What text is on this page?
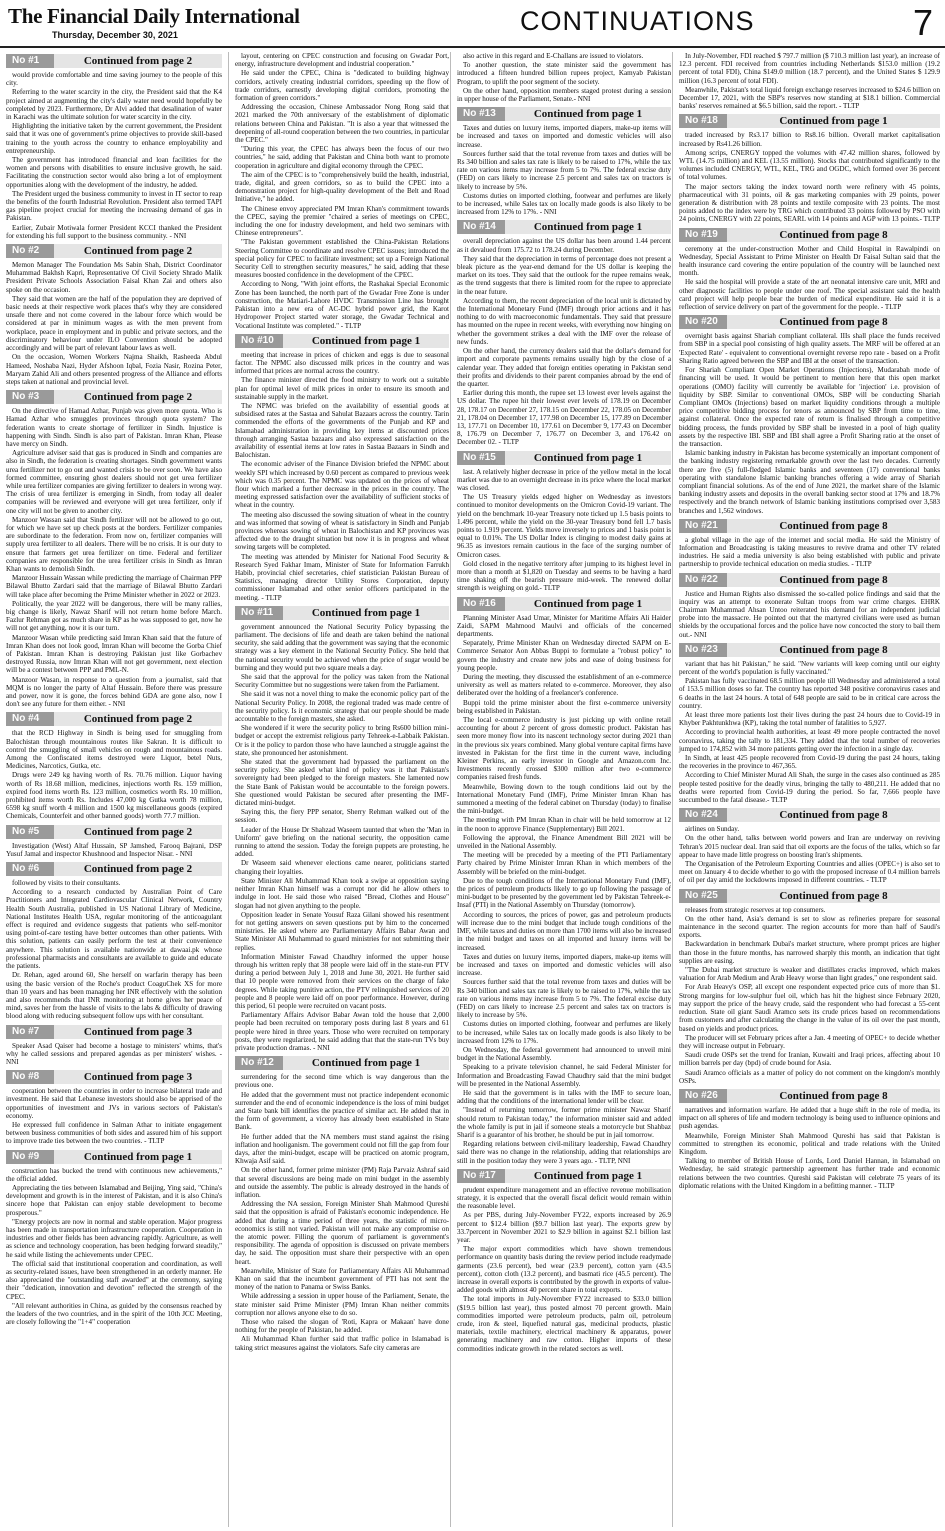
The Financial Daily International
Thursday, December 30, 2021	CONTINUATIONS	7
No #1	Continued from page 2

would provide comfortable and time saving journey to the people of this city.

Referring to the water scarcity in the city, the President said that the K4 project aimed at augmenting the city's daily water need would hopefully be completed by 2023. Furthermore, Dr Alvi added that desalination of water in Karachi was the ultimate solution for water scarcity in the city.

Highlighting the initiative taken by the current government, the President said that it was one of government's prime objectives to provide skill-based training to the youth across the country to enhance employability and entrepreneurship.

The government has introduced financial and loan facilities for the women and persons with disabilities to ensure inclusive growth, he said. Facilitating the construction sector would also bring a lot of employment opportunities along with the development of the industry, he added.

The President urged the business community to invest in IT sector to reap the benefits of the fourth Industrial Revolution. President also termed TAPI gas pipeline project crucial for meeting the increasing demand of gas in Pakistan.

Earlier, Zubair Motiwala former President KCCI thanked the President for extending his full support to the business community. - NNI

No #2	Continued from page 2

Memon Manager The Foundation Ms Sabin Shah, District Coordinator Muhammad Bakhsh Kapri, Representative Of Civil Society Shrado Malik President Private Schools Association Faisal Khan Zai and others also spoke on the occasion.

They said that women are the half of the population they are deprived of basic needs at their respective work places that's why they are considered unsafe there and not come covered in the labour force which would be considered at par in minimum wages as with the men prevent from workplace, peace in employment and in public and private sectors, and the discriminatory behaviour under ILO Convention should be adopted accordingly and will be part of relevant labour laws as well.

On the occasion, Women Workers Najma Shaikh, Rasheeda Abdul Hameed, Noshaba Nazi, Hyder Afshoon Iqbal, Fozia Nasir, Rozina Peter, Maryam Zahid Ali and others presented progress of the Alliance and efforts steps taken at national and provincial level.

No #3	Continued from page 2

On the directive of Hamad Azhar, Punjab was given more quota. Who is Hamad Azhar who smuggles provinces through quota system? The federation wants to create shortage of fertilizer in Sindh. Injustice is happening with Sindh. Sindh is also part of Pakistan. Imran Khan, Please have mercy on Sindh.

Agriculture adviser said that gas is produced in Sindh and companies are also in Sindh, the federation is creating shortages. Sindh government wants urea fertilizer not to go out and wanted crisis to be over soon. We have also formed committee, ensuring ghost dealers should not get urea fertilizer while urea fertilizer companies are giving fertilizer to dealers in wrong way. The crisis of urea fertilizer is emerging in Sindh, from today all dealer companies will be reviewed and everyone will get urea fertilizer, only if one city will not be given to another city.

Manzoor Wassan said that Sindh fertilizer will not be allowed to go out, for which we have set up check posts at the borders. Fertilizer companies are subordinate to the federation. From now on, fertilizer companies will supply urea fertilizer to all dealers. There will be no crisis. It is our duty to ensure that farmers get urea fertilizer on time. Federal and fertilizer companies are responsible for the urea fertilizer crisis in Sindh as Imran Khan wants to demolish Sindh.

Manzoor Hussain Wassan while predicting the marriage of Chairman PPP Bilawal Bhutto Zardari said that the marriage of Bilawal Bhutto Zardari will take place after becoming the Prime Minister whether in 2022 or 2023.

Politically, the year 2022 will be dangerous, there will be many rallies, big change is likely, Nawaz Sharif will not return home before March. Fazlur Rehman got as much share in KP as he was supposed to get, now he will not get anything, now it is our turn.

Manzoor Wasan while predicting said Imran Khan said that the future of Imran Khan does not look good, Imran Khan will become the Gorba Chief of Pakistan. Imran Khan is destroying Pakistan just like Gorbachev destroyed Russia, now Imran Khan will not get government, next election will be a contest between PPP and PML-N.

Manzoor Wasan, in response to a question from a journalist, said that MQM is no longer the party of Altaf Hussain. Before there was pressure and power, now it is gone, the forces behind GDA are gone also, now I don't see any future for them either. - NNI

No #4	Continued from page 2

that the RCD Highway in Sindh is being used for smuggling from Balochistan through mountainous routes like Sakran. It is difficult to control the smuggling of small vehicles on rough and mountainous roads. Among the Confiscated items destroyed were Liquor, betel Nuts, Medicines, Narcotics, Gutka, etc.

Drugs were 249 kg having worth of Rs. 70.76 million. Liquor having worth of Rs 18.68 million, medicines, injections worth Rs. 159 million, expired food items worth Rs. 123 million, cosmetics worth Rs. 10 million, prohibited items worth Rs. Includes 47,000 kg Gutka worth 78 million, 6598 kg snuff worth 4 million and 1500 kg miscellaneous goods (expired Chemicals, Counterfeit and other banned goods) worth 77.7 million.

No #5	Continued from page 2

Investigation (West) Altaf Hussain, SP Jamshed, Farooq Bajrani, DSP Yusuf Jamal and inspector Khushnood and Inspector Nisar. - NNI

No #6	Continued from page 2

followed by visits to their consultants.

According to a research conducted by Australian Point of Care Practitioners and Integrated Cardiovascular Clinical Network, Country Health South Australia, published in US National Library of Medicine, National Institutes Health USA, regular monitoring of the anticoagulant effect is required and evidence suggests that patients who self-monitor using point-of-care testing have better outcomes than other patients. With this solution, patients can easily perform the test at their convenience anywhere. This solution is available nationwide at dawaai.pk whose professional pharmacists and consultants are available to guide and educate the patients.

Dr. Rehan, aged around 60, She herself on warfarin therapy has been using the basic version of the Roche's product CoaguChek XS for more than 10 years and has been managing her INR effectively with the solution and also recommends that INR monitoring at home gives her peace of mind, saves her from the hassle of visits to the labs & difficulty of drawing blood along with reducing subsequent follow ups with her consultant.

No #7	Continued from page 3

Speaker Asad Qaiser had become a hostage to ministers' whims, that's why he called sessions and prepared agendas as per ministers' wishes. - NNI

No #8	Continued from page 3

cooperation between the countries in order to increase bilateral trade and investment. He said that Lebanese investors should also be apprised of the opportunities of investment and JVs in various sectors of Pakistan's economy.

He expressed full confidence in Salman Athar to initiate engagement between business communities of both sides and assured him of his support to improve trade ties between the two countries. - TLTP

No #9	Continued from page 1

construction has bucked the trend with continuous new achievements," the official added.

Appreciating the ties between Islamabad and Beijing, Ying said, "China's development and growth is in the interest of Pakistan, and it is also China's sincere hope that Pakistan can enjoy stable development to become prosperous."

"Energy projects are now in normal and stable operation. Major progress has been made in transportation infrastructure cooperation. Cooperation in industries and other fields has been advancing rapidly. Agriculture, as well as science and technology cooperation, has been hedging forward steadily," he said while listing the achievements under CPEC.

The official said that institutional cooperation and coordination, as well as security-related issues, have been strengthened in an orderly manner. He also appreciated the "outstanding staff awarded" at the ceremony, saying their "dedication, innovation and devotion" reflected the strength of the CPEC.

"All relevant authorities in China, as guided by the consensus reached by the leaders of the two countries, and in the spirit of the 10th JCC Meeting, are closely following the "1+4" cooperation

layout, centering on CPEC construction and focusing on Gwadar Port, energy, infrastructure development and industrial cooperation."

He said under the CPEC, China is "dedicated to building highway corridors, actively creating industrial corridors, speeding up the flow of trade corridors, earnestly developing digital corridors, promoting the formation of green corridors."

Addressing the occasion, Chinese Ambassador Nong Rong said that 2021 marked the 70th anniversary of the establishment of diplomatic relations between China and Pakistan. "It is also a year that witnessed the deepening of all-round cooperation between the two countries, in particular the CPEC."

"During this year, the CPEC has always been the focus of our two countries," he said, adding that Pakistan and China both want to promote cooperation in agriculture and digital economy through the CPEC.

The aim of the CPEC is to "comprehensively build the health, industrial, trade, digital, and green corridors, so as to build the CPEC into a demonstration project for high-quality development of the Belt and Road Initiative," he added.

The Chinese envoy appreciated PM Imran Khan's commitment towards the CPEC, saying the premier "chaired a series of meetings on CPEC, including the one for industry development, and held two seminars with Chinese entrepreneurs".

"The Pakistan government established the China-Pakistan Relations Steering Committee to coordinate and resolve CPEC issues; introduced the special policy for CPEC to facilitate investment; set up a Foreign National Security Cell to strengthen security measures," he said, adding that these measures boosted confidence in the development of the CPEC.

According to Nong, "With joint efforts, the Rashakai Special Economic Zone has been launched, the north part of the Gwadar Free Zone is under construction, the Matiari-Lahore HVDC Transmission Line has brought Pakistan into a new era of AC-DC hybrid power grid, the Karot Hydropower Project started water storage, the Gwadar Technical and Vocational Institute was completed." - TLTP

No #10	Continued from page 1

meeting that increase in prices of chicken and eggs is due to seasonal factor. The NPMC also discussed milk prices in the country and was informed that prices are normal across the country.

The finance minister directed the food ministry to work out a suitable plan for optimal level of milk prices in order to ensure its smooth and sustainable supply in the market.

The NPMC was briefed on the availability of essential goods at subsidised rates at the Sastaa and Sahulat Bazaars across the country. Tarin commended the efforts of the governments of the Punjab and KP and Islamabad administration in providing key items at discounted prices through arranging Sastaa bazaars and also expressed satisfaction on the availability of essential items at low rates in Sastaa Bazaars in Sindh and Balochistan.

The economic adviser of the Finance Division briefed the NPMC about weekly SPI which increased by 0.60 percent as compared to previous week which was 0.35 percent. The NPMC was updated on the prices of wheat flour which marked a further decrease in the prices in the country. The meeting expressed satisfaction over the availability of sufficient stocks of wheat in the country.

The meeting also discussed the sowing situation of wheat in the country and was informed that sowing of wheat is satisfactory in Sindh and Punjab provinces whereas sowing of wheat in Balochistan and KP provinces was affected due to the draught situation but now it is in progress and wheat sowing targets will be completed.

The meeting was attended by Minister for National Food Security & Research Syed Fakhar Imam, Minister of State for Information Farrukh Habib, provincial chief secretaries, chief statistician Pakistan Bureau of Statistics, managing director Utility Stores Corporation, deputy commissioner Islamabad and other senior officers participated in the meeting. - TLTP

No #11	Continued from page 1

government announced the National Security Policy bypassing the parliament. The decisions of life and death are taken behind the national security, she said adding that the government was saying that the economic strategy was a key element in the National Security Policy. She held that the national security would be achieved when the price of sugar would be burning and they would put two square meals a day.

She said that the approval for the policy was taken from the National Security Committee but no suggestions were taken from the Parliament.

She said it was not a novel thing to make the economic policy part of the National Security Policy. In 2008, the regional traded was made centre of the security policy. Is it economic strategy that our people should be made accountable to the foreign masters, she asked.

She wondered if it were the security policy to bring Rs600 billion mini-budget or accept the extremist religious party Tehreek-e-Labbaik Pakistan. Or is it the policy to pardon those who have launched a struggle against the state, she pronounced her astonishment.

She stated that the government had bypassed the parliament on the security policy. She asked what kind of policy was it that Pakistan's sovereignty had been pledged to the foreign masters. She lamented now the State Bank of Pakistan would be accountable to the foreign powers. She questioned would Pakistan be secured after presenting the IMF-dictated mini-budget.

Saying this, the fiery PPP senator, Sherry Rehman walked out of the session.

Leader of the House Dr Shahzad Waseem taunted that when the 'Man in Uniform' gave briefing on the national security, the opposition came running to attend the session. Today the foreign puppets are protesting, he added.

Dr Waseem said whenever elections came nearer, politicians started changing their loyalties.

State Minister Ali Muhammad Khan took a swipe at opposition saying neither Imran Khan himself was a corrupt nor did he allow others to indulge in loot. He said those who raised "Bread, Clothes and House" slogan had not given anything to the people.

Opposition leader in Senate Yousuf Raza Gilani showed his resentment for not getting answers on seven questions put by him to the concerned ministries. He asked where are Parliamentary Affairs Babar Awan and State Minister Ali Muhammad to guard ministries for not submitting their replies.

Information Minister Fawad Chaudhry informed the upper house through his written reply that 38 people were laid off in the state-run PTV during a period between July 1, 2018 and June 30, 2021. He further said that 10 people were removed from their services on the charge of fake degrees. While taking punitive action, the PTV relinquished services of 20 people and 8 people were laid off on poor performance. However, during this period, 61 people were recruited on vacant posts.

Parliamentary Affairs Advisor Babar Awan told the house that 2,000 people had been recruited on temporary posts during last 8 years and 61 people were hired in three years. Those who were recruited on temporary posts, they were regularized, he said adding that that the state-run TVs buy private production dramas. - NNI

No #12	Continued from page 1

surrendering for the second time which is way dangerous than the previous one.

He added that the government must not practice independent economic surrender and the end of economic independence is the loss of mini budget and State bank bill identifies the practice of similar act. He added that in the form of government, a viceroy has already been established in State Bank.

He further added that the NA members must stand against the rising inflation and hooliganism. The government could not fill the gap from four days, after the mini-budget, escape will be practiced on atomic program, Khwaja Asif said.

On the other hand, former prime minister (PM) Raja Parvaiz Ashraf said that several discussions are being made on mini budget in the assembly and outside the assembly. The public is already destroyed in the hands of inflation.

Addressing the NA session, Foreign Minister Shah Mahmood Qureshi said that the opposition is afraid of Pakistan's economic independence. He added that during a time period of three years, the statistic of micro-economics is still not varied. Pakistan will not make any compromise on the atomic power. Filling the quorum of parliament is government's responsibility. The agenda of opposition is discussed on private members day, he said. The opposition must share their perspective with an open heart.

Meanwhile, Minister of State for Parliamentary Affairs Ali Muhammad Khan on said that the incumbent government of PTI has not sent the money of the nation to Panama or Swiss Banks.

While addressing a session in upper house of the Parliament, Senate, the state minister said Prime Minister (PM) Imran Khan neither commits corruption nor allows anyone else to do so.

Those who raised the slogan of 'Roti, Kapra or Makaan' have done nothing for the people of Pakistan, he added.

Ali Muhammad Khan further said that traffic police in Islamabad is taking strict measures against the violators. Safe city cameras are

also active in this regard and E-Challans are issued to violators.

To another question, the state minister said the government has introduced a fifteen hundred billion rupees project, Kamyab Pakistan Program, to uplift the poor segment of the society.

On the other hand, opposition members staged protest during a session in upper house of the Parliament, Senate.- NNI

No #13	Continued from page 1

Taxes and duties on luxury items, imported diapers, make-up items will be increased and taxes on imported and domestic vehicles will also increase.

Sources further said that the total revenue from taxes and duties will be Rs 340 billion and sales tax rate is likely to be raised to 17%, while the tax rate on various items may increase from 5 to 7%. The federal excise duty (FED) on cars likely to increase 2.5 percent and sales tax on tractors is likely to increase by 5%.

Customs duties on imported clothing, footwear and perfumes are likely to be increased, while Sales tax on locally made goods is also likely to be increased from 12% to 17%. - NNI

No #14	Continued from page 1

overall depreciation against the US dollar has been around 1.44 percent as it devalued from 175.72 to 178.24 during December.

They said that the depreciation in terms of percentage does not present a bleak picture as the year-end demand for the US dollar is keeping the market on its toes. They said that the outlook for the rupee remains weak, as the trend suggests that there is limited room for the rupee to appreciate in the near future.

According to them, the recent depreciation of the local unit is dictated by the International Monetary Fund (IMF) through prior actions and it has nothing to do with macroeconomic fundamentals. They said that pressure has mounted on the rupee in recent weeks, with everything now hinging on whether the government strikes a deal with the IMF over the release of new funds.

On the other hand, the currency dealers said that the dollar's demand for import and corporate payments remains usually high by the close of a calendar year. They added that foreign entities operating in Pakistan send their profits and dividends to their parent companies abroad by the end of the quarter.

Earlier during this month, the rupee set 13 lowest ever levels against the US dollar. The rupee hit their lowest ever levels of 178.19 on December 28, 178.17 on December 27, 178.15 on December 22, 178.05 on December 21, 178.04 on December 17, 177.98 on December 15, 177.89 on December 13, 177.71 on December 10, 177.61 on December 9, 177.43 on December 8, 176.79 on December 7, 176.77 on December 3, and 176.42 on December 02. - TLTP

No #15	Continued from page 1

last. A relatively higher decrease in price of the yellow metal in the local market was due to an overnight decrease in its price where the local market was closed.

The US Treasury yields edged higher on Wednesday as investors continued to monitor developments on the Omicron Covid-19 variant. The yield on the benchmark 10-year Treasury note ticked up 1.5 basis points to 1.496 percent, while the yield on the 30-year Treasury bond fell 1.7 basis points to 1.919 percent. Yields move inversely to prices and 1 basis point is equal to 0.01%. The US Dollar Index is clinging to modest daily gains at 96.35 as investors remain cautious in the face of the surging number of Omicron cases.

Gold closed in the negative territory after jumping to its highest level in more than a month at $1,820 on Tuesday and seems to be having a hard time shaking off the bearish pressure mid-week. The renewed dollar strength is weighing on gold.- TLTP

No #16	Continued from page 1

Planning Minister Asad Umar, Minister for Maritime Affairs Ali Haider Zaidi, SAPM Mahmood Maulvi and officials of the concerned departments.

Separately, Prime Minister Khan on Wednesday directed SAPM on E-Commerce Senator Aon Abbas Buppi to formulate a "robust policy" to govern the industry and create new jobs and ease of doing business for young people.

During the meeting, they discussed the establishment of an e-commerce university as well as matters related to e-commerce. Moreover, they also deliberated over the holding of a freelancer's conference.

Buppi told the prime minister about the first e-commerce university being established in Pakistan.

The local e-commerce industry is just picking up with online retail accounting for about 2 percent of gross domestic product. Pakistan has seen more money flow into its nascent technology sector during 2021 than in the previous six years combined. Many global venture capital firms have invested in Pakistan for the first time in the current wave, including Kleiner Perkins, an early investor in Google and Amazon.com Inc. Investments recently crossed $300 million after two e-commerce companies raised fresh funds.

Meanwhile, Bowing down to the tough conditions laid out by the International Monetary Fund (IMF), Prime Minister Imran Khan has summoned a meeting of the federal cabinet on Thursday (today) to finalise the mini-budget.

The meeting with PM Imran Khan in chair will be held tomorrow at 12 in the noon to approve Finance (Supplementary) Bill 2021.

Following the approval, the Finance Amendment Bill 2021 will be unveiled in the National Assembly.

The meeting will be preceded by a meeting of the PTI Parliamentary Party chaired by Prime Minister Imran Khan in which members of the Assembly will be briefed on the mini-budget.

Due to the tough conditions of the International Monetary Fund (IMF), the prices of petroleum products likely to go up following the passage of mini-budget to be presented by the government led by Pakistan Tehreek-e-Insaf (PTI) in the National Assembly on Thursday (tomorrow).

According to sources, the prices of power, gas and petroleum products will increase due to the mini budget that include tough conditions of the IMF, while taxes and duties on more than 1700 items will also be increased in the mini budget and taxes on all imported and luxury items will be increased.

Taxes and duties on luxury items, imported diapers, make-up items will be increased and taxes on imported and domestic vehicles will also increase.

Sources further said that the total revenue from taxes and duties will be Rs 340 billion and sales tax rate is likely to be raised to 17%, while the tax rate on various items may increase from 5 to 7%. The federal excise duty (FED) on cars likely to increase 2.5 percent and sales tax on tractors is likely to increase by 5%.

Customs duties on imported clothing, footwear and perfumes are likely to be increased, while Sales tax on locally made goods is also likely to be increased from 12% to 17%.

On Wednesday, the federal government had announced to unveil mini budget in the National Assembly.

Speaking to a private television channel, he said Federal Minister for Information and Broadcasting Fawad Chaudhry said that the mini budget will be presented in the National Assembly.

He said that the government is in talks with the IMF to secure loan, adding that the conditions of the international lender will be clear.

"Instead of returning tomorrow, former prime minister Nawaz Sharif should return to Pakistan today," the information minister said and added the whole family is put in jail if someone steals a motorcycle but Shahbaz Sharif is a guarantor of his brother, he should be put in jail tomorrow.

Regarding relations between civil-military leadership, Fawad Chaudhry said there was no change in the relationship, adding that relationships are still in the position today they were 3 years ago. - TLTP, NNI

No #17	Continued from page 1

prudent expenditure management and an effective revenue mobilisation strategy, it is expected that the overall fiscal deficit would remain within the reasonable level.

As per PBS, during July-November FY22, exports increased by 26.9 percent to $12.4 billion ($9.7 billion last year). The exports grew by 33.7percent in November 2021 to $2.9 billion in against $2.1 billion last year.

The major export commodities which have shown tremendous performance on quantity basis during the review period include readymade garments (23.6 percent), bed wear (23.9 percent), cotton yarn (43.5 percent), cotton cloth (13.2 percent), and basmati rice (45.5 percent). The increase in overall exports is contributed by the growth in exports of value-added goods with almost 40 percent share in total exports.

The total imports in July-November FY22 increased to $33.0 billion ($19.5 billion last year), thus posted almost 70 percent growth. Main commodities imported were petroleum products, palm oil, petroleum crude, iron & steel, liquefied natural gas, medicinal products, plastic materials, textile machinery, electrical machinery & apparatus, power generating machinery and raw cotton. Higher imports of these commodities indicate growth in the related sectors as well.

In July-November, FDI reached $ 797.7 million ($ 710.3 million last year), an increase of 12.3 percent. FDI received from countries including Netherlands $153.0 million (19.2 percent of total FDI), China $149.0 million (18.7 percent), and the United States $ 129.9 million (16.3 percent of total FDI).

Meanwhile, Pakistan's total liquid foreign exchange reserves increased to $24.6 billion on December 17, 2021, with the SBP's reserves now standing at $18.1 billion. Commercial banks' reserves remained at $6.5 billion, said the report. - TLTP

No #18	Continued from page 1

traded increased by Rs3.17 billion to Rs8.16 billion. Overall market capitalisation increased by Rs41.26 billion.

Among scrips, CNERGY topped the volumes with 47.42 million shares, followed by WTL (14.75 million) and KEL (13.55 million). Stocks that contributed significantly to the volumes included CNERGY, WTL, KEL, TRG and OGDC, which formed over 36 percent of total volumes.

The major sectors taking the index toward north were refinery with 45 points, pharmaceutical with 31 points, oil & gas marketing companies with 29 points, power generation & distribution with 28 points and textile composite with 23 points. The most points added to the index were by TRG which contributed 33 points followed by PSO with 24 points, CNERGY with 22 points, SEARL with 14 points and AGP with 13 points.- TLTP

No #19	Continued from page 8

ceremony at the under-construction Mother and Child Hospital in Rawalpindi on Wednesday, Special Assistant to Prime Minister on Health Dr Faisal Sultan said that the health insurance card covering the entire population of the country will be launched next month.

He said the hospital will provide a state of the art neonatal intensive care unit, MRI and other diagnostic facilities to people under one roof. The special assistant said the health card project will help people bear the burden of medical expenditure. He said it is a reflection of service delivery on part of the government for the people. - TLTP

No #20	Continued from page 8

overnight basis against Shariah compliant collateral. IIIs shall place the funds received from SBP in a special pool consisting of high quality assets. The MRF will be offered at an 'Expected Rate' - equivalent to conventional overnight reverse repo rate - based on a Profit Sharing Ratio agreed between the SBP and IBI at the onset of the transaction.

For Shariah Compliant Open Market Operations (Injections), Mudarabah mode of financing will be used. It would be pertinent to mention here that this open market operations (OMO) facility will currently be available for 'injection' i.e. provision of liquidity by SBP. Similar to conventional OMOs, SBP will be conducting Shariah Compliant OMOs (Injections) based on market liquidity conditions through a multiple price competitive bidding process for tenors as announced by SBP from time to time, against collateral. Once the expected rate of return is finalised through a competitive bidding process, the funds provided by SBP shall be invested in a pool of high quality assets by the respective IBI. SBP and IBI shall agree a Profit Sharing ratio at the onset of the transaction.

Islamic banking industry in Pakistan has become systemically an important component of the banking industry registering remarkable growth over the last two decades. Currently there are five (5) full-fledged Islamic banks and seventeen (17) conventional banks operating with standalone Islamic banking branches offering a wide array of Shariah compliant financial solutions. As of the end of June 2021, the market share of the Islamic banking industry assets and deposits in the overall banking sector stood at 17% and 18.7% respectively and the branch network of Islamic banking institutions comprised over 3,583 branches and 1,562 windows.

No #21	Continued from page 8

a global village in the age of the internet and social media. He said the Ministry of Information and Broadcasting is taking measures to revive drama and other TV related industries. He said a media university is also being established with public and private partnership to provide technical education on media studies. - TLTP

No #22	Continued from page 8

Justice and Human Rights also dismissed the so-called police findings and said that the inquiry was an attempt to exonerate Sultan troops from war crime charges. EHRK Chairman Muhammad Ahsan Untoo reiterated his demand for an independent judicial probe into the massacre. He pointed out that the martyred civilians were used as human shields by the occupational forces and the police have now concocted the story to bail them out.- NNI

No #23	Continued from page 8

variant that has hit Pakistan," he said. "New variants will keep coming until our eighty percent of the world's population is fully vaccinated."

Pakistan has fully vaccinated 68.5 million people till Wednesday and administered a total of 153.5 million doses so far. The country has reported 348 positive coronavirus cases and 6 deaths in the last 24 hours. A total of 648 people are said to be in critical care across the country.

At least three more patients lost their lives during the past 24 hours due to Covid-19 in Khyber Pakhtunkhwa (KP), taking the total number of fatalities to 5,927.

According to provincial health authorities, at least 49 more people contracted the novel coronavirus, taking the tally to 181,334. They added that the total number of recoveries jumped to 174,852 with 34 more patients getting over the infection in a single day.

In Sindh, at least 425 people recovered from Covid-19 during the past 24 hours, taking the recoveries in the province to 467,365.

According to Chief Minister Murad Ali Shah, the surge in the cases also continued as 285 people tested positive for the deadly virus, bringing the tally to 480,211. He added that no deaths were reported from Covid-19 during the period. So far, 7,666 people have succumbed to the fatal disease.- TLTP

No #24	Continued from page 8

airlines on Sunday.

On the other hand, talks between world powers and Iran are underway on reviving Tehran's 2015 nuclear deal. Iran said that oil exports are the focus of the talks, which so far appear to have made little progress on boosting Iran's shipments.

The Organisation of the Petroleum Exporting Countries and allies (OPEC+) is also set to meet on January 4 to decide whether to go with the proposed increase of 0.4 million barrels of oil per day amid the lockdowns imposed in different countries. - TLTP

No #25	Continued from page 8

releases from strategic reserves at top consumers.

On the other hand, Asia's demand is set to slow as refineries prepare for seasonal maintenance in the second quarter. The region accounts for more than half of Saudi's exports.

Backwardation in benchmark Dubai's market structure, where prompt prices are higher than those in the future months, has narrowed sharply this month, an indication that tight supplies are easing.

"The Dubai market structure is weaker and distillates cracks improved, which makes valuation for Arab Medium and Arab Heavy worse than light grades," one respondent said.

For Arab Heavy's OSP, all except one respondent expected price cuts of more than $1. Strong margins for low-sulphur fuel oil, which has hit the highest since February 2020, may support the price of the heavy crude, said the respondent who had forecast a 55-cent reduction. State oil giant Saudi Aramco sets its crude prices based on recommendations from customers and after calculating the change in the value of its oil over the past month, based on yields and product prices.

The producer will set February prices after a Jan. 4 meeting of OPEC+ to decide whether they will increase output in February.

Saudi crude OSPs set the trend for Iranian, Kuwaiti and Iraqi prices, affecting about 10 million barrels per day (bpd) of crude bound for Asia.

Saudi Aramco officials as a matter of policy do not comment on the kingdom's monthly OSPs.

No #26	Continued from page 8

narratives and information warfare. He added that a huge shift in the role of media, its impact on all spheres of life and modern technology is being used to influence opinions and push agendas.

Meanwhile, Foreign Minister Shah Mahmood Qureshi has said that Pakistan is committed to strengthen its economic, political and trade relations with the United Kingdom.

Talking to member of British House of Lords, Lord Daniel Hannan, in Islamabad on Wednesday, he said strategic partnership agreement has further trade and economic relations between the two countries. Qureshi said Pakistan will celebrate 75 years of its diplomatic relations with the United Kingdom in a befitting manner. - TLTP
